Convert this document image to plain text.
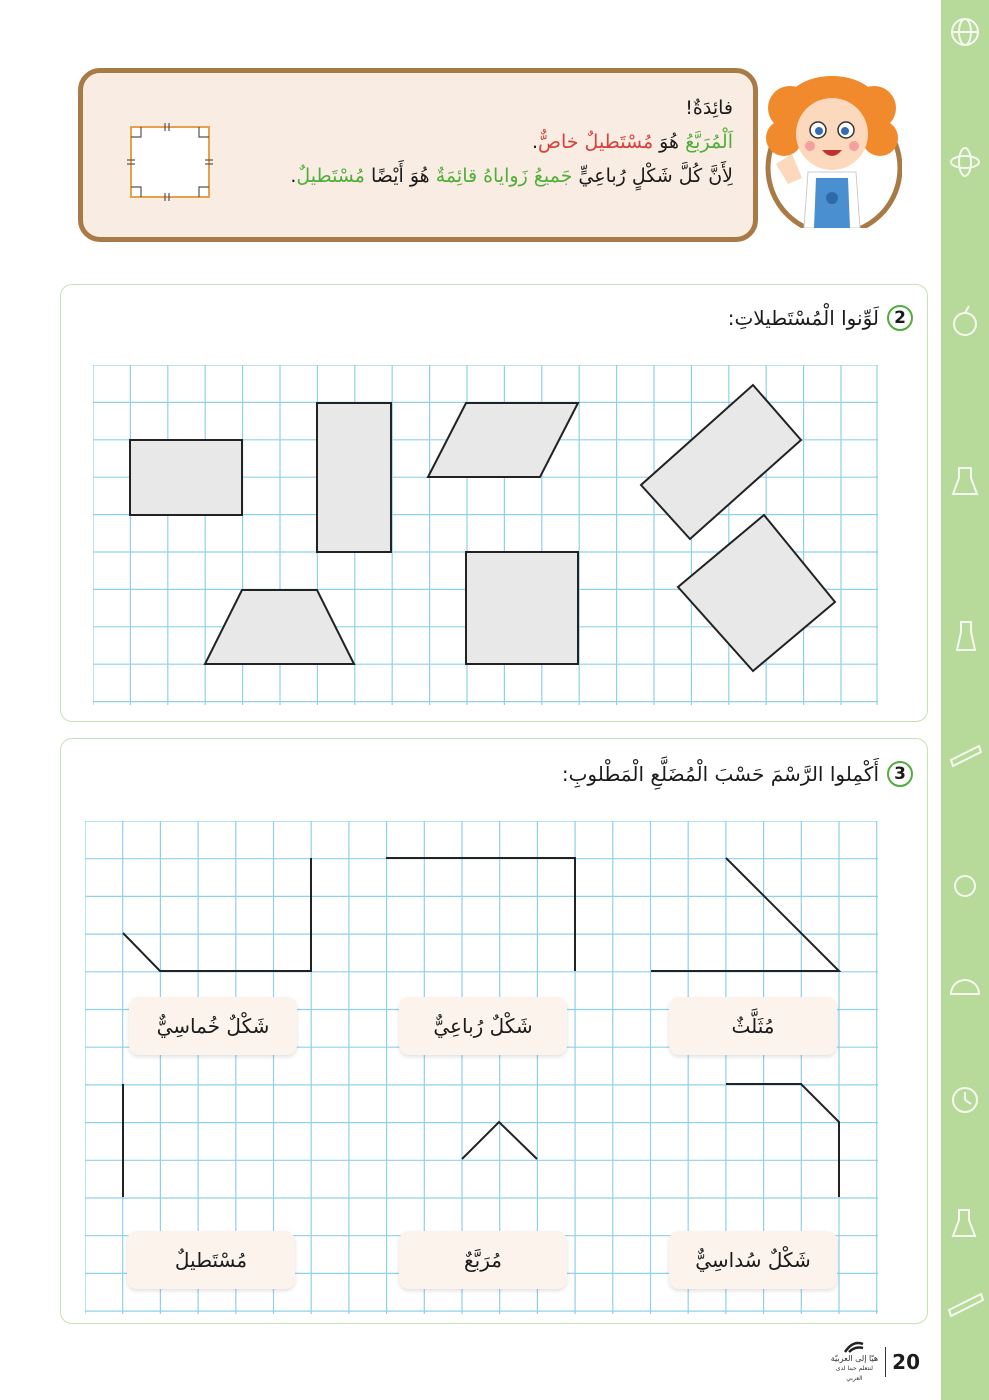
فائِدَةٌ!
اَلْمُرَبَّعُ هُوَ مُسْتَطيلٌ خاصٌّ.
لِأَنَّ كُلَّ شَكْلٍ رُباعِيٍّ جَميعُ زَواياهُ قائِمَةٌ هُوَ أَيْضًا مُسْتَطيلٌ.
2
لَوِّنوا الْمُسْتَطيلاتِ:
3
أَكْمِلوا الرَّسْمَ حَسْبَ الْمُضَلَّعِ الْمَطْلوبِ:
شَكْلٌ خُماسِيٌّ	شَكْلٌ رُباعِيٌّ	مُثَلَّثٌ
مُسْتَطيلٌ	مُرَبَّعٌ	شَكْلٌ سُداسِيٌّ
هيّا إلى العربيّة
لنتعلم حبنا لدى العربي
20
